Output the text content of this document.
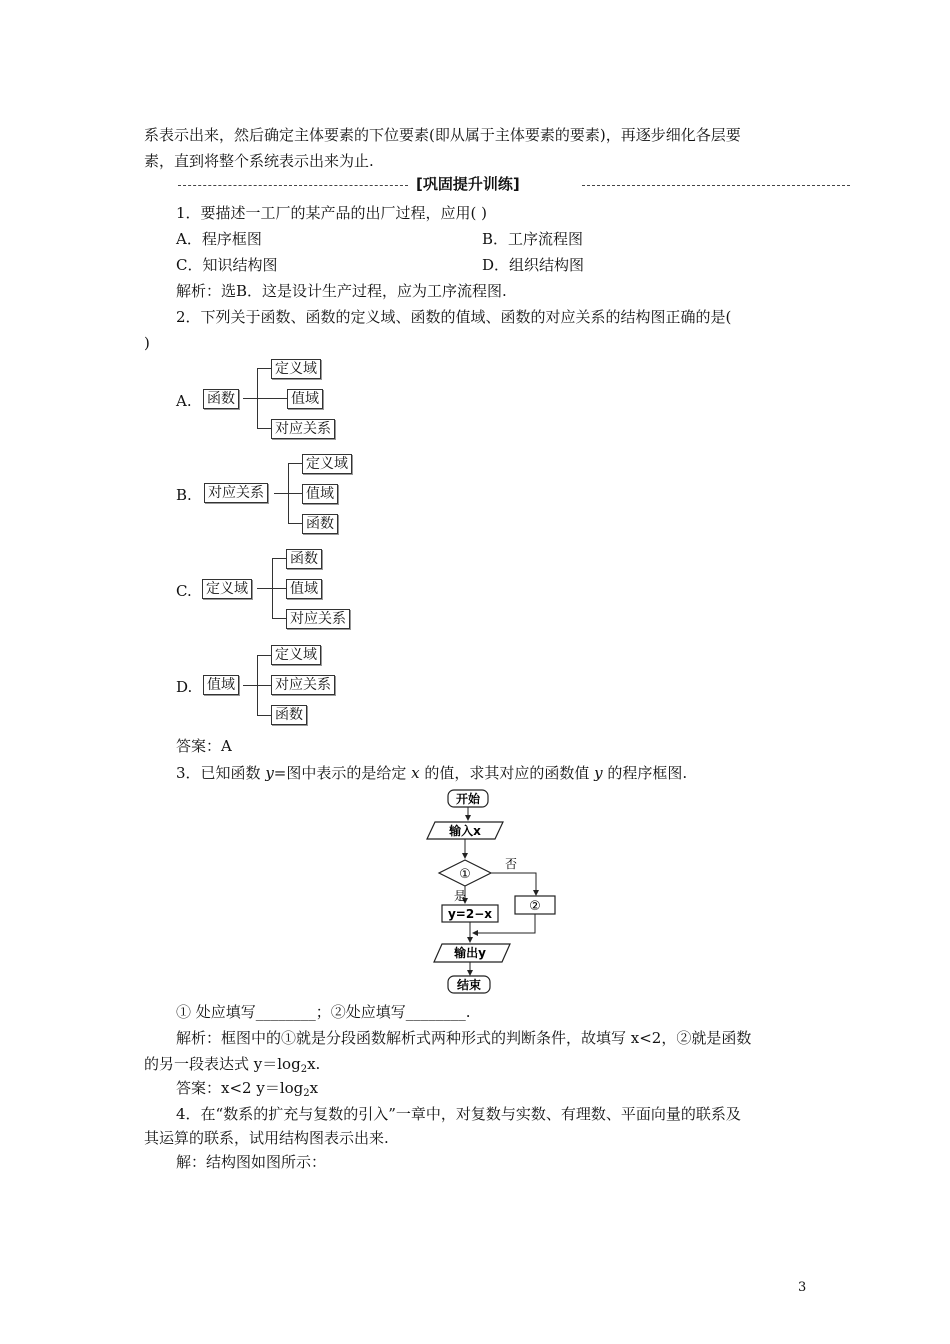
系表示出来，然后确定主体要素的下位要素(即从属于主体要素的要素)，再逐步细化各层要
素，直到将整个系统表示出来为止.
[巩固提升训练]
1．要描述一工厂的某产品的出厂过程，应用( )
A．程序框图	B．工序流程图
C．知识结构图	D．组织结构图
解析：选B．这是设计生产过程，应为工序流程图.
2．下列关于函数、函数的定义域、函数的值域、函数的对应关系的结构图正确的是(
)
A. 函数
定义域
值域
对应关系
B. 对应关系
定义域
值域
函数
C. 定义域
函数
值域
对应关系
D. 值域
定义域
对应关系
函数
答案：A
3．已知函数 y=图中表示的是给定 x 的值，求其对应的函数值 y 的程序框图.
开始
输入x
①
否
是
②
y=2−x
输出y
结束
① 处应填写________；②处应填写________.
解析：框图中的①就是分段函数解析式两种形式的判断条件，故填写 x<2，②就是函数
的另一段表达式 $y=\log_2x$.
答案：x<2 $y=\log_2x$
4．在“数系的扩充与复数的引入”一章中，对复数与实数、有理数、平面向量的联系及
其运算的联系，试用结构图表示出来.
解：结构图如图所示：
3
